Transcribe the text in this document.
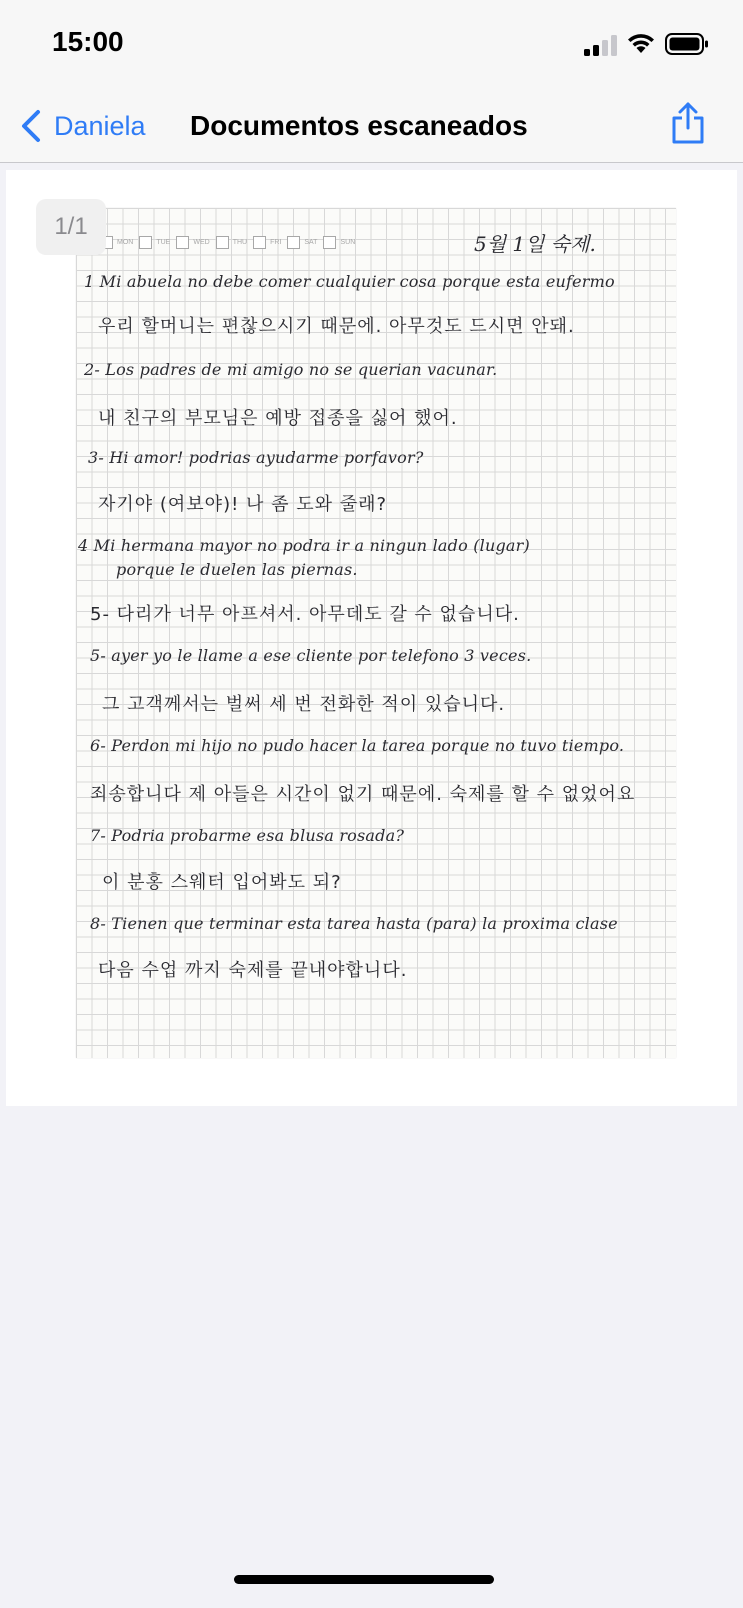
15:00
Daniela Documentos escaneados
1/1
MON	TUE	WED	THU	FRI	SAT	SUN	5월 1일 숙제.
1 Mi abuela no debe comer cualquier cosa porque esta eufermo
우리 할머니는 편찮으시기 때문에. 아무것도 드시면 안돼.
2- Los padres de mi amigo no se querian vacunar.
내 친구의 부모님은 예방 접종을 싫어 했어.
3- Hi amor! podrias ayudarme porfavor?
자기야 (여보야)! 나 좀 도와 줄래?
4 Mi hermana mayor no podra ir a ningun lado (lugar)
porque le duelen las piernas.
5- 다리가 너무 아프셔서. 아무데도 갈 수 없습니다.
5- ayer yo le llame a ese cliente por telefono 3 veces.
그 고객께서는 벌써 세 번 전화한 적이 있습니다.
6- Perdon mi hijo no pudo hacer la tarea porque no tuvo tiempo.
죄송합니다 제 아들은 시간이 없기 때문에. 숙제를 할 수 없었어요
7- Podria probarme esa blusa rosada?
이 분홍 스웨터 입어봐도 되?
8- Tienen que terminar esta tarea hasta (para) la proxima clase
다음 수업 까지 숙제를 끝내야합니다.
